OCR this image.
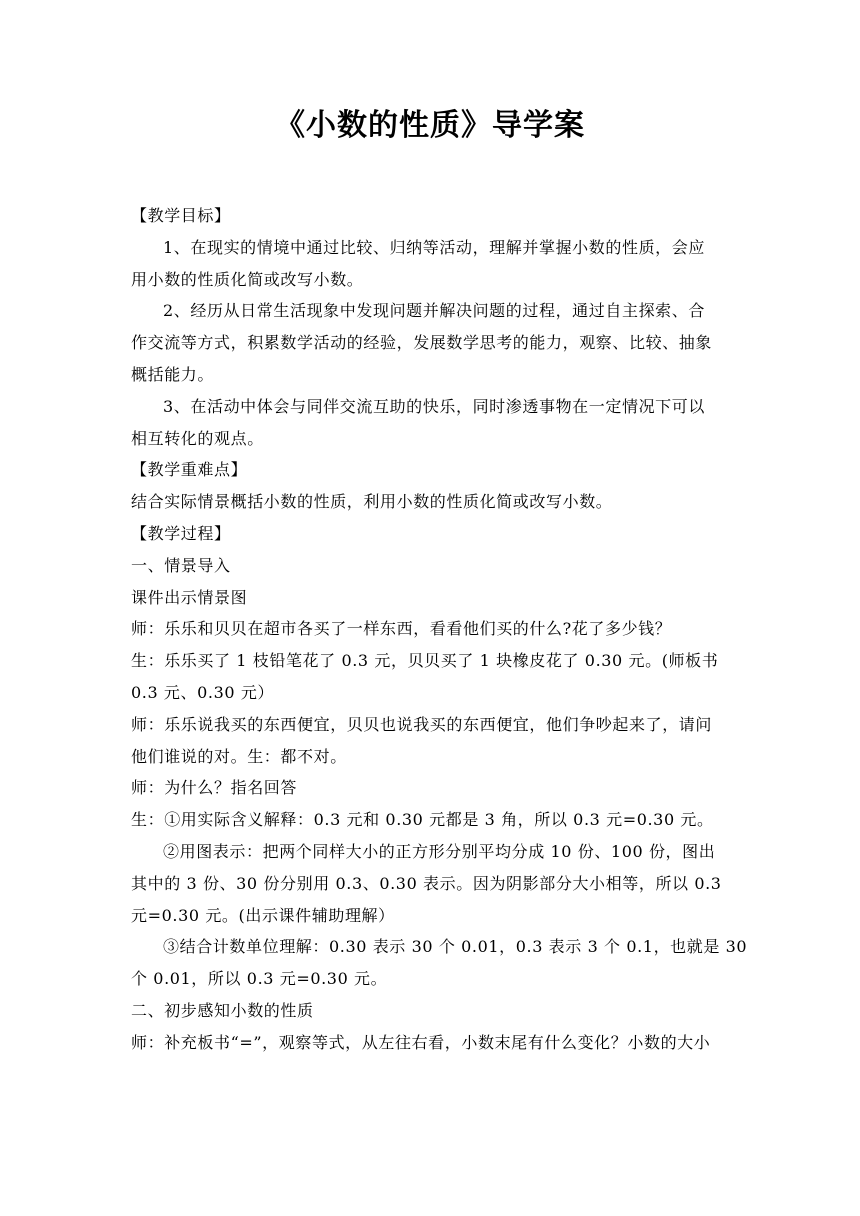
《小数的性质》导学案
【教学目标】
1、在现实的情境中通过比较、归纳等活动，理解并掌握小数的性质，会应
用小数的性质化简或改写小数。
2、经历从日常生活现象中发现问题并解决问题的过程，通过自主探索、合
作交流等方式，积累数学活动的经验，发展数学思考的能力，观察、比较、抽象
概括能力。
3、在活动中体会与同伴交流互助的快乐，同时渗透事物在一定情况下可以
相互转化的观点。
【教学重难点】
结合实际情景概括小数的性质，利用小数的性质化简或改写小数。
【教学过程】
一、情景导入
课件出示情景图
师：乐乐和贝贝在超市各买了一样东西，看看他们买的什么?花了多少钱？
生：乐乐买了 1 枝铅笔花了 0.3 元，贝贝买了 1 块橡皮花了 0.30 元。(师板书
0.3 元、0.30 元）
师：乐乐说我买的东西便宜，贝贝也说我买的东西便宜，他们争吵起来了，请问
他们谁说的对。生：都不对。
师：为什么？指名回答
生：①用实际含义解释：0.3 元和 0.30 元都是 3 角，所以 0.3 元=0.30 元。
②用图表示：把两个同样大小的正方形分别平均分成 10 份、100 份，图出
其中的 3 份、30 份分别用 0.3、0.30 表示。因为阴影部分大小相等，所以 0.3
元=0.30 元。(出示课件辅助理解）
③结合计数单位理解：0.30 表示 30 个 0.01，0.3 表示 3 个 0.1，也就是 30
个 0.01，所以 0.3 元=0.30 元。
二、初步感知小数的性质
师：补充板书“=”，观察等式，从左往右看，小数末尾有什么变化？小数的大小
